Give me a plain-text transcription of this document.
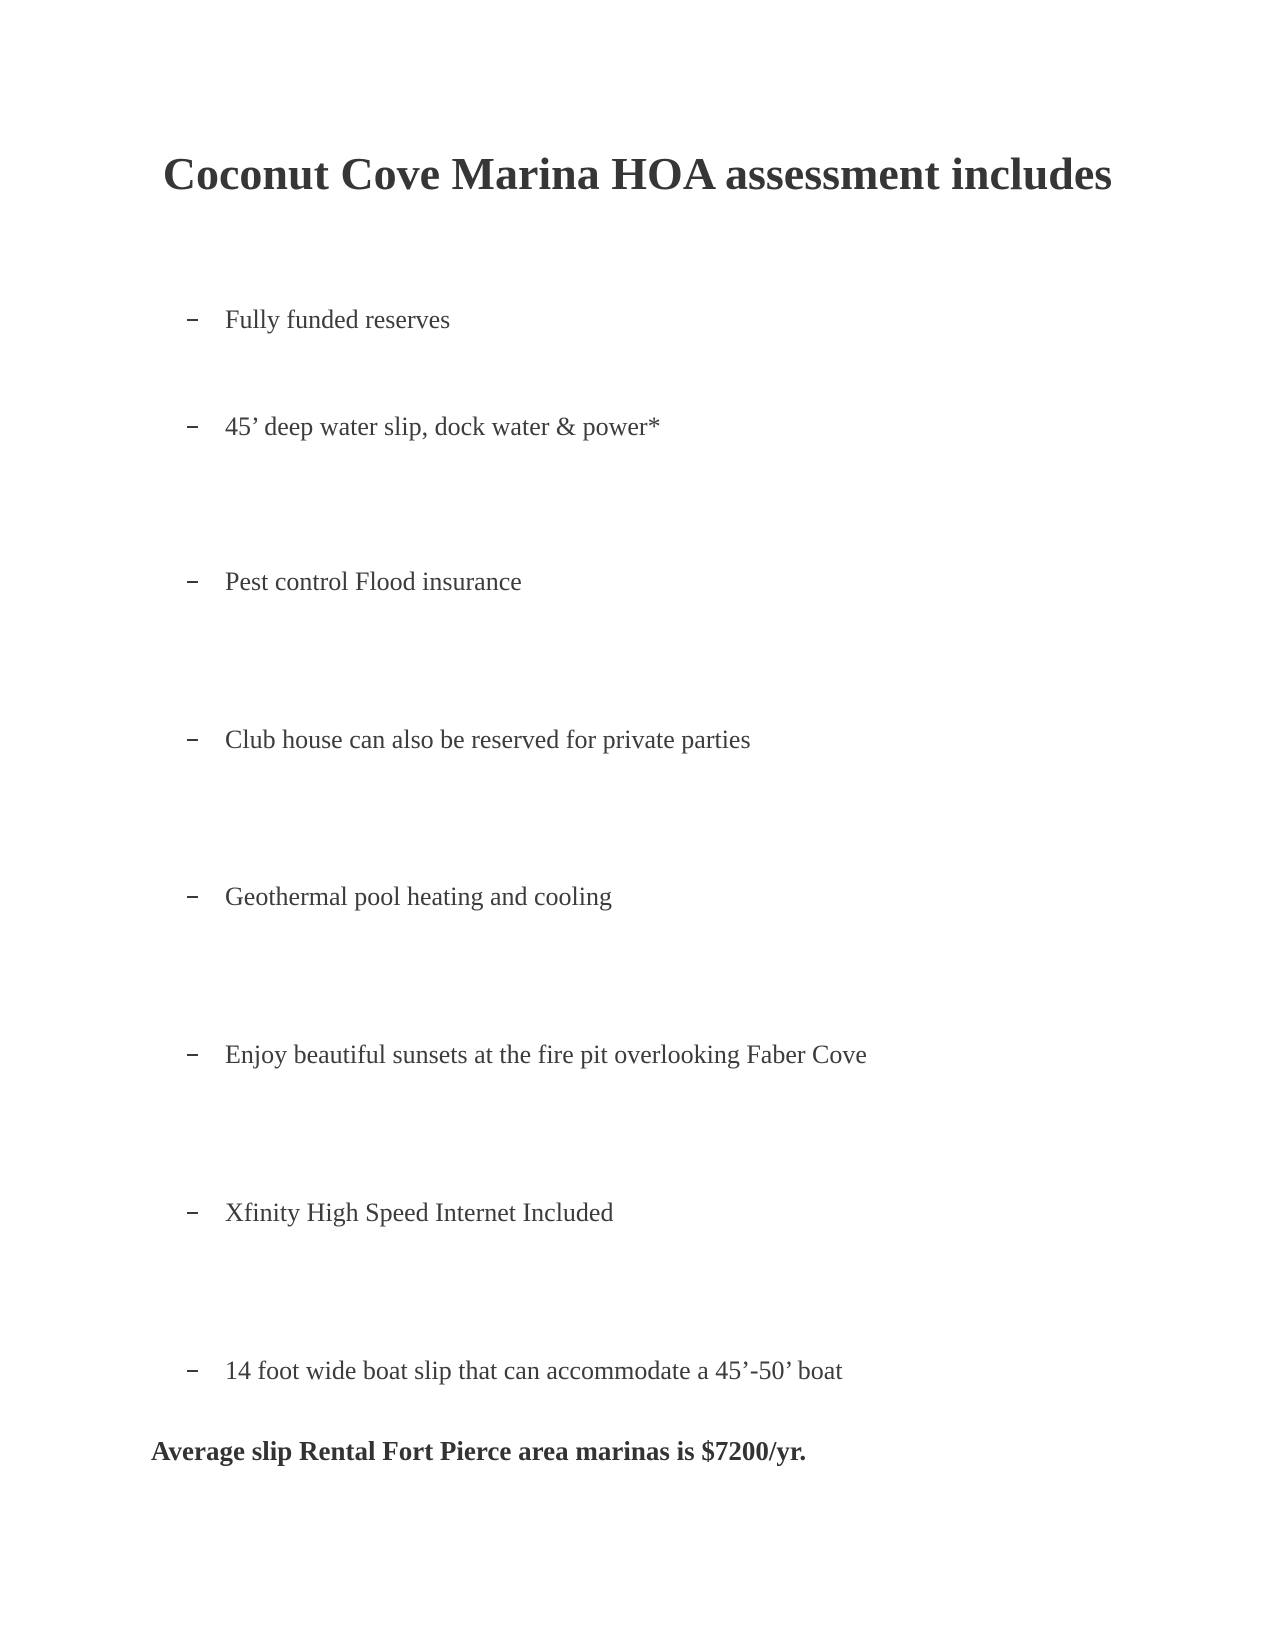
Coconut Cove Marina HOA assessment includes
Fully funded reserves
45’ deep water slip, dock water & power*
Pest control Flood insurance
Club house can also be reserved for private parties
Geothermal pool heating and cooling
Enjoy beautiful sunsets at the fire pit overlooking Faber Cove
Xfinity High Speed Internet Included
14 foot wide boat slip that can accommodate a 45’-50’ boat
Average slip Rental Fort Pierce area marinas is $7200/yr.
